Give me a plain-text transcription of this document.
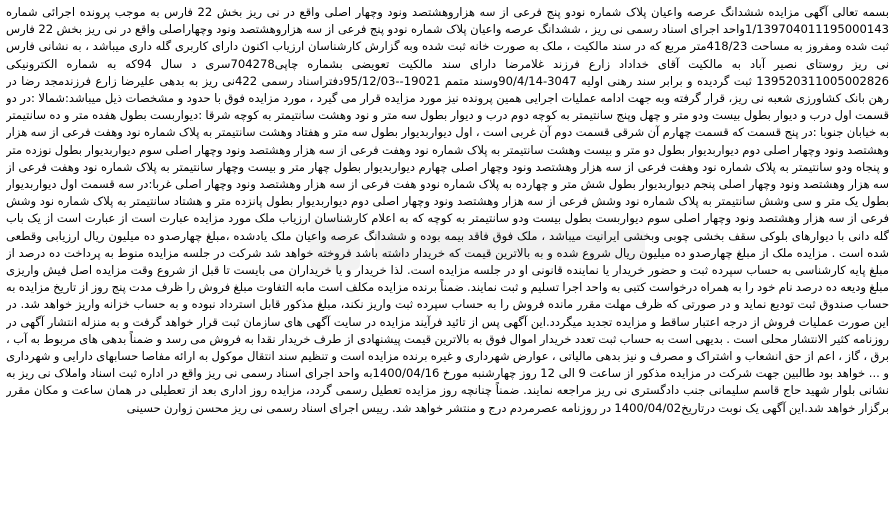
بسمه تعالی آگهی مزایده ششدانگ عرصه واعیان پلاک شماره نودو پنج فرعی از سه هزاروهشتصد ونود وچهار اصلی واقع در نی ریز بخش 22 فارس به موجب پرونده اجرائی شماره 1/139704011195000143واحد اجرای اسناد رسمی نی ریز ، ششدانگ عرصه واعیان پلاک شماره نودو پنج فرعی از سه هزاروهشتصد ونود وچهاراصلی واقع در نی ریز بخش 22 فارس ثبت شده ومفروز به مساحت 418/23متر مربع که در سند مالکیت ، ملک به صورت خانه ثبت شده وبه گزارش کارشناسان ارزیاب اکنون دارای کاربری گله داری میباشد ، به نشانی فارس نی ریز روستای نصیر آباد به مالکیت آقای خداداد زارع فرزند غلامرضا دارای سند مالکیت تعویضی بشماره چاپی704278سری د سال 94که به شماره الکترونیکی 139520311005002826 ثبت گردیده و برابر سند رهنی اولیه 3047-90/4/14وسند متمم 19021--95/12/03دفتراسناد رسمی 422نی ریز به بدهی علیرضا زارع فرزندمجد رضا در رهن بانک کشاورزی شعبه نی ریز، قرار گرفته وبه جهت ادامه عملیات اجرایی همین پرونده نیز مورد مزایده قرار می گیرد ، مورد مزایده فوق با حدود و مشخصات ذیل میباشد:شمالا :در دو قسمت اول درب و دیوار بطول بیست ودو متر و چهل وپنج سانتیمتر به کوچه دوم درب و دیوار بطول سه متر و نود وهشت سانتیمتر به کوچه شرقا :دیواربست بطول هفده متر و ده سانتیمتر به خیابان جنوبا :در پنج قسمت که قسمت چهارم آن شرقی قسمت دوم آن غربی است ، اول دیواربدیوار بطول سه متر و هفتاد وهشت سانتیمتر به پلاک شماره نود وهفت فرعی از سه هزار وهشتصد ونود وچهار اصلی دوم دیواربدیوار بطول دو متر و بیست وهشت سانتیمتر به پلاک شماره نود وهفت فرعی از سه هزار وهشتصد ونود وچهار اصلی سوم دیواربدیوار بطول نوزده متر و پنجاه ودو سانتیمتر به پلاک شماره نود وهفت فرعی از سه هزار وهشتصد ونود وچهار اصلی چهارم دیواربدیوار بطول چهار متر و بیست وچهار سانتیمتر به پلاک شماره نود وهفت فرعی از سه هزار وهشتصد ونود وچهار اصلی پنجم دیواربدیوار بطول شش متر و چهارده به پلاک شماره نودو هفت فرعی از سه هزار وهشتصد ونود وچهار اصلی غربا:در سه قسمت اول دیواربدیوار بطول یک متر و سی وشش سانتیمتر به پلاک شماره نود وشش فرعی از سه هزار وهشتصد ونود وچهار اصلی دوم دیواربدیوار بطول پانزده متر و هشتاد سانتیمتر به پلاک شماره نود وشش فرعی از سه هزار وهشتصد ونود وچهار اصلی سوم دیواربست بطول بیست ودو سانتیمتر به کوچه که به اعلام کارشناسان ارزیاب ملک مورد مزایده عبارت است از عبارت است از یک باب گله دانی با دیوارهای بلوکی سقف بخشی چوبی وبخشی ایرانیت میباشد ، ملک فوق فاقد بیمه بوده و ششدانگ عرصه واعیان ملک یادشده ،مبلغ چهارصدو ده میلیون ریال ارزیابی وقطعی شده است . مزایده ملک از مبلغ چهارصدو ده میلیون ریال شروع شده و به بالاترین قیمت که خریدار داشته باشد فروخته خواهد شد شرکت در جلسه مزایده منوط به پرداخت ده درصد از مبلغ پایه کارشناسی به حساب سپرده ثبت و حضور خریدار یا نماینده قانونی او در جلسه مزایده است. لذا خریدار و یا خریداران می بایست تا قبل از شروع وقت مزایده اصل فیش واریزی مبلغ ودیعه ده درصد نام خود را به همراه درخواست کتبی به واحد اجرا تسلیم و ثبت نمایند. ضمناً برنده مزایده مکلف است مابه التفاوت مبلغ فروش را ظرف مدت پنج روز از تاریخ مزایده به حساب صندوق ثبت تودیع نماید و در صورتی که ظرف مهلت مقرر مانده فروش را به حساب سپرده ثبت واریز نکند، مبلغ مذکور قابل استرداد نبوده و به حساب خزانه واریز خواهد شد. در این صورت عملیات فروش از درجه اعتبار ساقط و مزایده تجدید میگردد.این آگهی پس از تائید فرآیند مزایده در سایت آگهی های سازمان ثبت قرار خواهد گرفت و به منزله انتشار آگهی در روزنامه کثیر الانتشار محلی است . بدیهی است به حساب ثبت تعدد خریدار اموال فوق به بالاترین قیمت پیشنهادی از طرف خریدار نقدا به فروش می رسد و ضمناً بدهی های مربوط به آب ، برق ، گاز ، اعم از حق انشعاب و اشتراک و مصرف و نیز بدهی مالیاتی ، عوارض شهرداری و غیره برنده مزایده است و تنظیم سند انتقال موکول به ارائه مفاصا حسابهای دارایی و شهرداری و ... خواهد بود طالبین جهت شرکت در مزایده مذکور از ساعت 9 الی 12 روز چهارشنبه مورخ 1400/04/16به واحد اجرای اسناد رسمی نی ریز واقع در اداره ثبت اسناد واملاک نی ریز به نشانی بلوار شهید حاج قاسم سلیمانی جنب دادگستری نی ریز مراجعه نمایند. ضمناً چنانچه روز مزایده تعطیل رسمی گردد، مزایده روز اداری بعد از تعطیلی در همان ساعت و مکان مقرر برگزار خواهد شد.این آگهی یک نوبت درتاریخ1400/04/02 در روزنامه عصرمردم درج و منتشر خواهد شد. رییس اجرای اسناد رسمی نی ریز محسن زوارن حسینی
